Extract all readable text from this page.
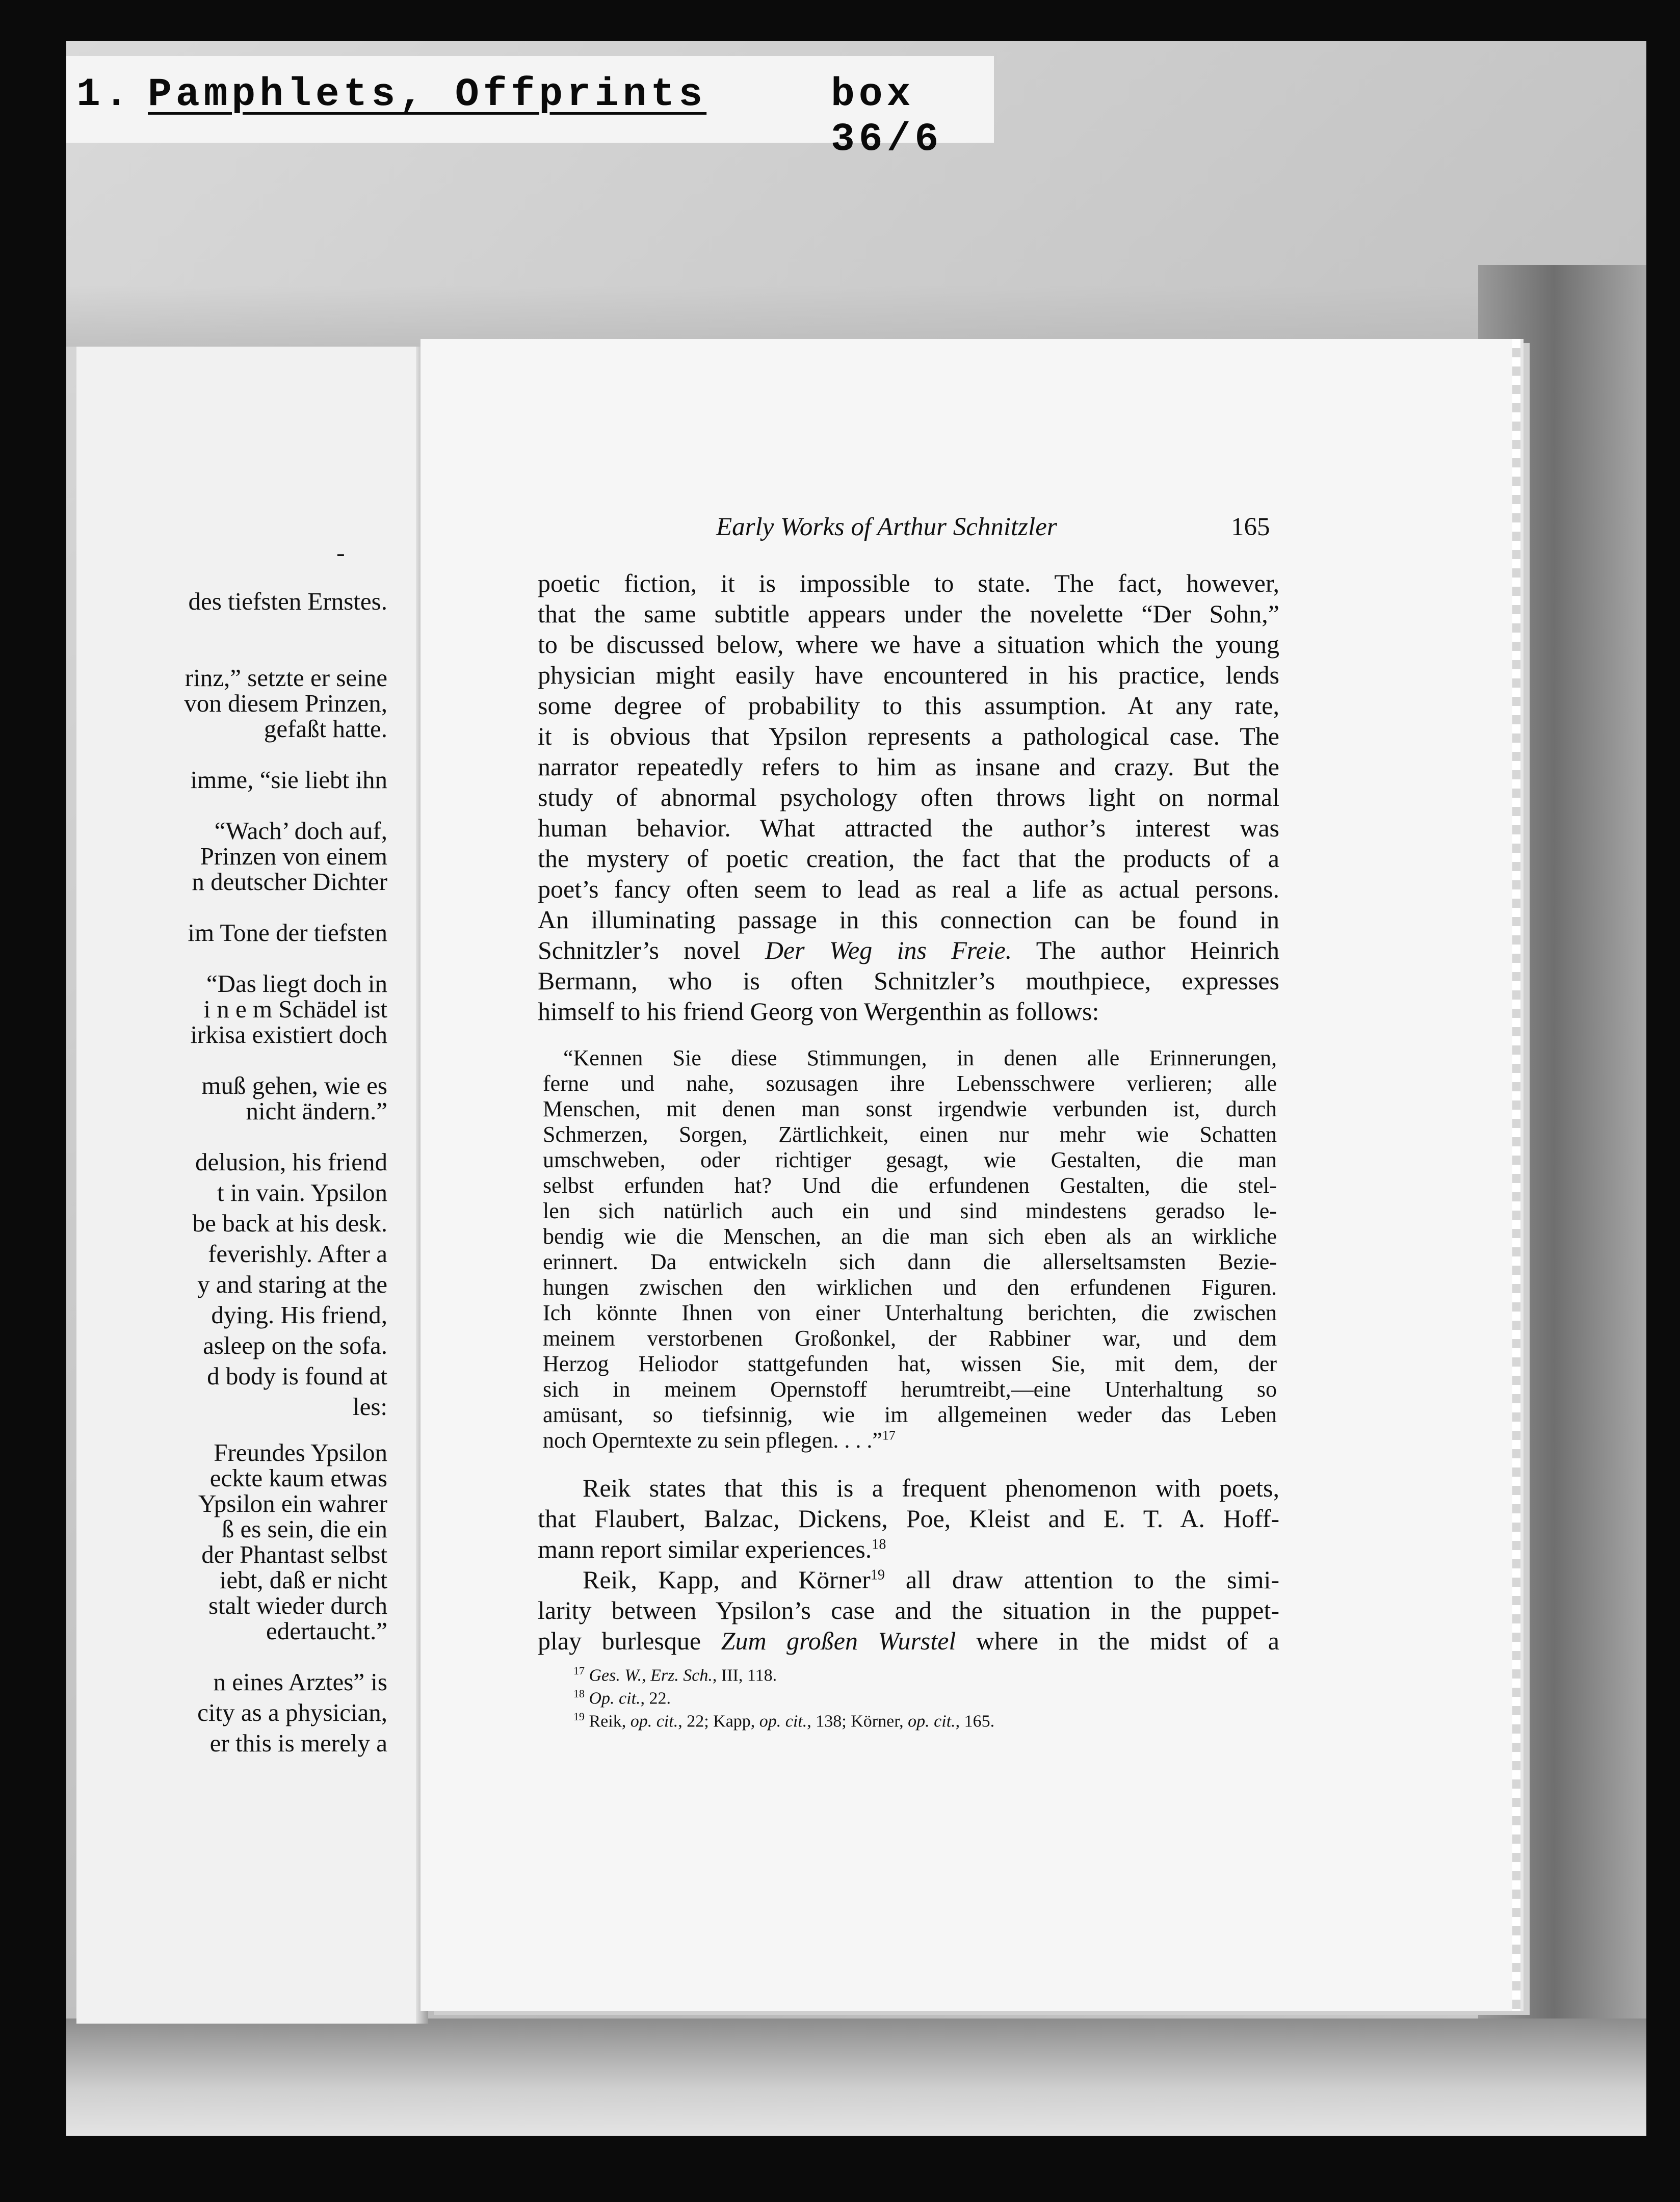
1. Pamphlets, Offprints	box 36/6
-
des tiefsten Ernstes.
rinz,” setzte er seine
von diesem Prinzen,
gefaßt hatte.
imme, “sie liebt ihn
“Wach’ doch auf,
Prinzen von einem
n deutscher Dichter
im Tone der tiefsten
“Das liegt doch in
i n e m Schädel ist
irkisa existiert doch
muß gehen, wie es
nicht ändern.”
delusion, his friend
t in vain. Ypsilon
be back at his desk.
feverishly. After a
y and staring at the
dying. His friend,
asleep on the sofa.
d body is found at
les:
Freundes Ypsilon
eckte kaum etwas
Ypsilon ein wahrer
ß es sein, die ein
der Phantast selbst
iebt, daß er nicht
stalt wieder durch
edertaucht.”
n eines Arztes” is
city as a physician,
er this is merely a
Early Works of Arthur Schnitzler	165
poetic fiction, it is impossible to state. The fact, however,
that the same subtitle appears under the novelette “Der Sohn,”
to be discussed below, where we have a situation which the young
physician might easily have encountered in his practice, lends
some degree of probability to this assumption. At any rate,
it is obvious that Ypsilon represents a pathological case. The
narrator repeatedly refers to him as insane and crazy. But the
study of abnormal psychology often throws light on normal
human behavior. What attracted the author’s interest was
the mystery of poetic creation, the fact that the products of a
poet’s fancy often seem to lead as real a life as actual persons.
An illuminating passage in this connection can be found in
Schnitzler’s novel Der Weg ins Freie. The author Heinrich
Bermann, who is often Schnitzler’s mouthpiece, expresses
himself to his friend Georg von Wergenthin as follows:
“Kennen Sie diese Stimmungen, in denen alle Erinnerungen,
ferne und nahe, sozusagen ihre Lebensschwere verlieren; alle
Menschen, mit denen man sonst irgendwie verbunden ist, durch
Schmerzen, Sorgen, Zärtlichkeit, einen nur mehr wie Schatten
umschweben, oder richtiger gesagt, wie Gestalten, die man
selbst erfunden hat? Und die erfundenen Gestalten, die stel-
len sich natürlich auch ein und sind mindestens geradso le-
bendig wie die Menschen, an die man sich eben als an wirkliche
erinnert. Da entwickeln sich dann die allerseltsamsten Bezie-
hungen zwischen den wirklichen und den erfundenen Figuren.
Ich könnte Ihnen von einer Unterhaltung berichten, die zwischen
meinem verstorbenen Großonkel, der Rabbiner war, und dem
Herzog Heliodor stattgefunden hat, wissen Sie, mit dem, der
sich in meinem Opernstoff herumtreibt,—eine Unterhaltung so
amüsant, so tiefsinnig, wie im allgemeinen weder das Leben
noch Operntexte zu sein pflegen. . . .”$^{17}$
Reik states that this is a frequent phenomenon with poets,
that Flaubert, Balzac, Dickens, Poe, Kleist and E. T. A. Hoff-
mann report similar experiences.$^{18}$
Reik, Kapp, and Körner$^{19}$ all draw attention to the simi-
larity between Ypsilon’s case and the situation in the puppet-
play burlesque Zum großen Wurstel where in the midst of a
$^{17}$ Ges. W., Erz. Sch., III, 118.
$^{18}$ Op. cit., 22.
$^{19}$ Reik, op. cit., 22; Kapp, op. cit., 138; Körner, op. cit., 165.
